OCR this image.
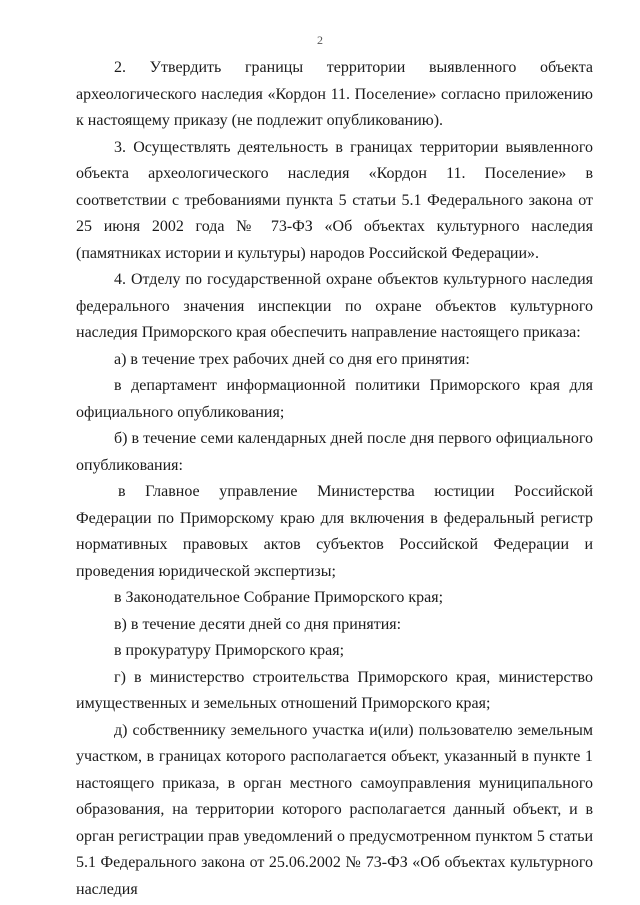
2

2. Утвердить границы территории выявленного объекта археологического наследия «Кордон 11. Поселение» согласно приложению к настоящему приказу (не подлежит опубликованию).

3. Осуществлять деятельность в границах территории выявленного объекта археологического наследия «Кордон 11. Поселение» в соответствии с требованиями пункта 5 статьи 5.1 Федерального закона от 25 июня 2002 года № 73-ФЗ «Об объектах культурного наследия (памятниках истории и культуры) народов Российской Федерации».

4. Отделу по государственной охране объектов культурного наследия федерального значения инспекции по охране объектов культурного наследия Приморского края обеспечить направление настоящего приказа:

а) в течение трех рабочих дней со дня его принятия:

в департамент информационной политики Приморского края для официального опубликования;

б) в течение семи календарных дней после дня первого официального опубликования:

в Главное управление Министерства юстиции Российской Федерации по Приморскому краю для включения в федеральный регистр нормативных правовых актов субъектов Российской Федерации и проведения юридической экспертизы;

в Законодательное Собрание Приморского края;

в) в течение десяти дней со дня принятия:

в прокуратуру Приморского края;

г) в министерство строительства Приморского края, министерство имущественных и земельных отношений Приморского края;

д) собственнику земельного участка и(или) пользователю земельным участком, в границах которого располагается объект, указанный в пункте 1 настоящего приказа, в орган местного самоуправления муниципального образования, на территории которого располагается данный объект, и в орган регистрации прав уведомлений о предусмотренном пунктом 5 статьи 5.1 Федерального закона от 25.06.2002 № 73-ФЗ «Об объектах культурного наследия
